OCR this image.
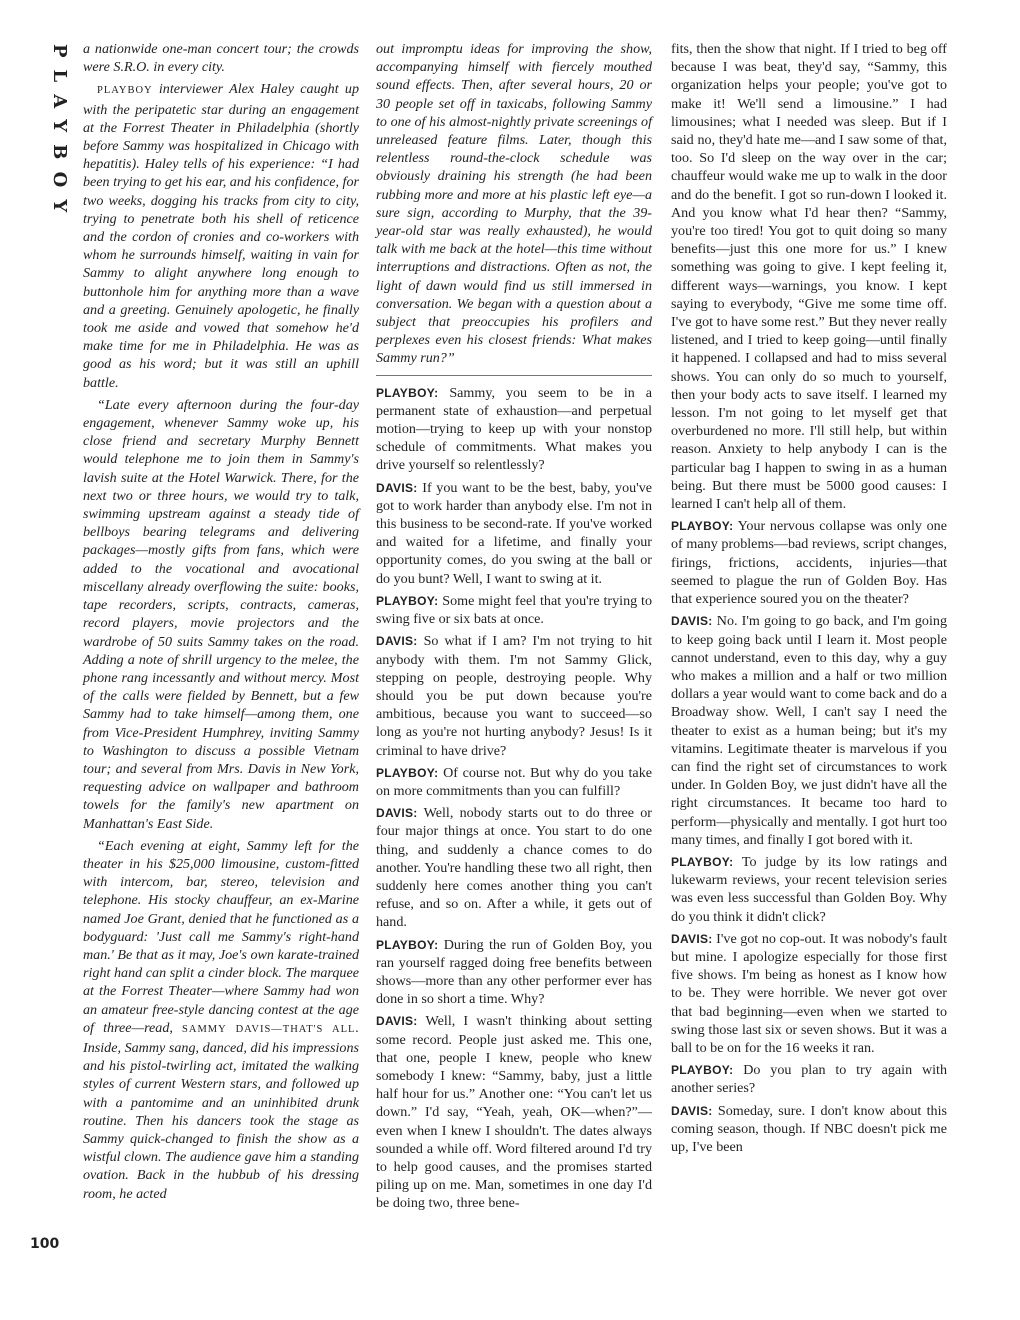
PLAYBOY
100

a nationwide one-man concert tour; the crowds were S.R.O. in every city.

PLAYBOY interviewer Alex Haley caught up with the peripatetic star during an engagement at the Forrest Theater in Philadelphia (shortly before Sammy was hospitalized in Chicago with hepatitis). Haley tells of his experience: “I had been trying to get his ear, and his confidence, for two weeks, dogging his tracks from city to city, trying to penetrate both his shell of reticence and the cordon of cronies and co-workers with whom he surrounds himself, waiting in vain for Sammy to alight anywhere long enough to buttonhole him for anything more than a wave and a greeting. Genuinely apologetic, he finally took me aside and vowed that somehow he'd make time for me in Philadelphia. He was as good as his word; but it was still an uphill battle.

“Late every afternoon during the four-day engagement, whenever Sammy woke up, his close friend and secretary Murphy Bennett would telephone me to join them in Sammy's lavish suite at the Hotel Warwick. There, for the next two or three hours, we would try to talk, swimming upstream against a steady tide of bellboys bearing telegrams and delivering packages—mostly gifts from fans, which were added to the vocational and avocational miscellany already overflowing the suite: books, tape recorders, scripts, contracts, cameras, record players, movie projectors and the wardrobe of 50 suits Sammy takes on the road. Adding a note of shrill urgency to the melee, the phone rang incessantly and without mercy. Most of the calls were fielded by Bennett, but a few Sammy had to take himself—among them, one from Vice-President Humphrey, inviting Sammy to Washington to discuss a possible Vietnam tour; and several from Mrs. Davis in New York, requesting advice on wallpaper and bathroom towels for the family's new apartment on Manhattan's East Side.

“Each evening at eight, Sammy left for the theater in his $25,000 limousine, custom-fitted with intercom, bar, stereo, television and telephone. His stocky chauffeur, an ex-Marine named Joe Grant, denied that he functioned as a bodyguard: 'Just call me Sammy's right-hand man.' Be that as it may, Joe's own karate-trained right hand can split a cinder block. The marquee at the Forrest Theater—where Sammy had won an amateur free-style dancing contest at the age of three—read, SAMMY DAVIS—THAT'S ALL. Inside, Sammy sang, danced, did his impressions and his pistol-twirling act, imitated the walking styles of current Western stars, and followed up with a pantomime and an uninhibited drunk routine. Then his dancers took the stage as Sammy quick-changed to finish the show as a wistful clown. The audience gave him a standing ovation. Back in the hubbub of his dressing room, he acted

out impromptu ideas for improving the show, accompanying himself with fiercely mouthed sound effects. Then, after several hours, 20 or 30 people set off in taxicabs, following Sammy to one of his almost-nightly private screenings of unreleased feature films. Later, though this relentless round-the-clock schedule was obviously draining his strength (he had been rubbing more and more at his plastic left eye—a sure sign, according to Murphy, that the 39-year-old star was really exhausted), he would talk with me back at the hotel—this time without interruptions and distractions. Often as not, the light of dawn would find us still immersed in conversation. We began with a question about a subject that preoccupies his profilers and perplexes even his closest friends: What makes Sammy run?”

PLAYBOY: Sammy, you seem to be in a permanent state of exhaustion—and perpetual motion—trying to keep up with your nonstop schedule of commitments. What makes you drive yourself so relentlessly?

DAVIS: If you want to be the best, baby, you've got to work harder than anybody else. I'm not in this business to be second-rate. If you've worked and waited for a lifetime, and finally your opportunity comes, do you swing at the ball or do you bunt? Well, I want to swing at it.

PLAYBOY: Some might feel that you're trying to swing five or six bats at once.

DAVIS: So what if I am? I'm not trying to hit anybody with them. I'm not Sammy Glick, stepping on people, destroying people. Why should you be put down because you're ambitious, because you want to succeed—so long as you're not hurting anybody? Jesus! Is it criminal to have drive?

PLAYBOY: Of course not. But why do you take on more commitments than you can fulfill?

DAVIS: Well, nobody starts out to do three or four major things at once. You start to do one thing, and suddenly a chance comes to do another. You're handling these two all right, then suddenly here comes another thing you can't refuse, and so on. After a while, it gets out of hand.

PLAYBOY: During the run of Golden Boy, you ran yourself ragged doing free benefits between shows—more than any other performer ever has done in so short a time. Why?

DAVIS: Well, I wasn't thinking about setting some record. People just asked me. This one, that one, people I knew, people who knew somebody I knew: “Sammy, baby, just a little half hour for us.” Another one: “You can't let us down.” I'd say, “Yeah, yeah, OK—when?”—even when I knew I shouldn't. The dates always sounded a while off. Word filtered around I'd try to help good causes, and the promises started piling up on me. Man, sometimes in one day I'd be doing two, three bene-

fits, then the show that night. If I tried to beg off because I was beat, they'd say, “Sammy, this organization helps your people; you've got to make it! We'll send a limousine.” I had limousines; what I needed was sleep. But if I said no, they'd hate me—and I saw some of that, too. So I'd sleep on the way over in the car; chauffeur would wake me up to walk in the door and do the benefit. I got so run-down I looked it. And you know what I'd hear then? “Sammy, you're too tired! You got to quit doing so many benefits—just this one more for us.” I knew something was going to give. I kept feeling it, different ways—warnings, you know. I kept saying to everybody, “Give me some time off. I've got to have some rest.” But they never really listened, and I tried to keep going—until finally it happened. I collapsed and had to miss several shows. You can only do so much to yourself, then your body acts to save itself. I learned my lesson. I'm not going to let myself get that overburdened no more. I'll still help, but within reason. Anxiety to help anybody I can is the particular bag I happen to swing in as a human being. But there must be 5000 good causes: I learned I can't help all of them.

PLAYBOY: Your nervous collapse was only one of many problems—bad reviews, script changes, firings, frictions, accidents, injuries—that seemed to plague the run of Golden Boy. Has that experience soured you on the theater?

DAVIS: No. I'm going to go back, and I'm going to keep going back until I learn it. Most people cannot understand, even to this day, why a guy who makes a million and a half or two million dollars a year would want to come back and do a Broadway show. Well, I can't say I need the theater to exist as a human being; but it's my vitamins. Legitimate theater is marvelous if you can find the right set of circumstances to work under. In Golden Boy, we just didn't have all the right circumstances. It became too hard to perform—physically and mentally. I got hurt too many times, and finally I got bored with it.

PLAYBOY: To judge by its low ratings and lukewarm reviews, your recent television series was even less successful than Golden Boy. Why do you think it didn't click?

DAVIS: I've got no cop-out. It was nobody's fault but mine. I apologize especially for those first five shows. I'm being as honest as I know how to be. They were horrible. We never got over that bad beginning—even when we started to swing those last six or seven shows. But it was a ball to be on for the 16 weeks it ran.

PLAYBOY: Do you plan to try again with another series?

DAVIS: Someday, sure. I don't know about this coming season, though. If NBC doesn't pick me up, I've been
